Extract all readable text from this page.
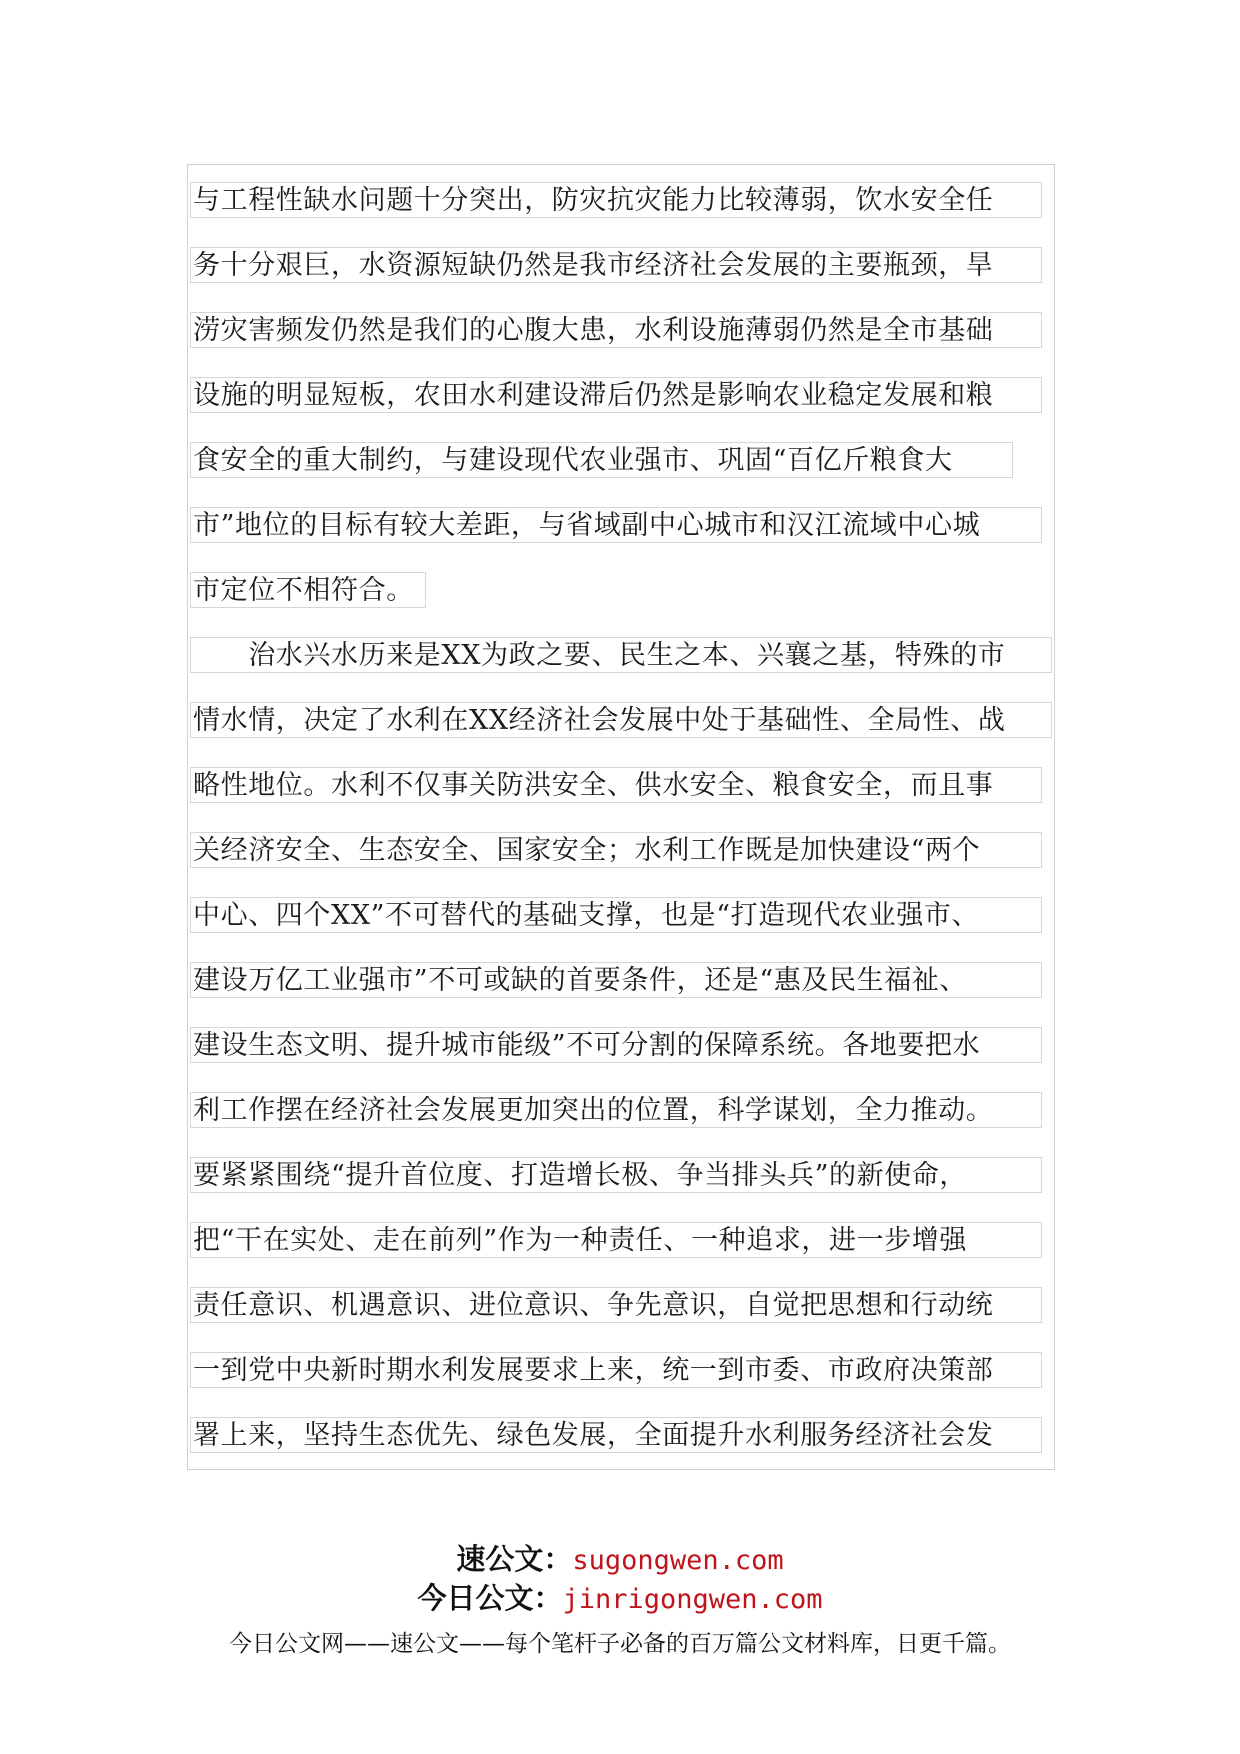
与工程性缺水问题十分突出，防灾抗灾能力比较薄弱，饮水安全任
务十分艰巨，水资源短缺仍然是我市经济社会发展的主要瓶颈，旱
涝灾害频发仍然是我们的心腹大患，水利设施薄弱仍然是全市基础
设施的明显短板，农田水利建设滞后仍然是影响农业稳定发展和粮
食安全的重大制约，与建设现代农业强市、巩固“百亿斤粮食大
市”地位的目标有较大差距，与省域副中心城市和汉江流域中心城
市定位不相符合。
　　治水兴水历来是XX为政之要、民生之本、兴襄之基，特殊的市
情水情，决定了水利在XX经济社会发展中处于基础性、全局性、战
略性地位。水利不仅事关防洪安全、供水安全、粮食安全，而且事
关经济安全、生态安全、国家安全；水利工作既是加快建设“两个
中心、四个XX”不可替代的基础支撑，也是“打造现代农业强市、
建设万亿工业强市”不可或缺的首要条件，还是“惠及民生福祉、
建设生态文明、提升城市能级”不可分割的保障系统。各地要把水
利工作摆在经济社会发展更加突出的位置，科学谋划，全力推动。
要紧紧围绕“提升首位度、打造增长极、争当排头兵”的新使命，
把“干在实处、走在前列”作为一种责任、一种追求，进一步增强
责任意识、机遇意识、进位意识、争先意识，自觉把思想和行动统
一到党中央新时期水利发展要求上来，统一到市委、市政府决策部
署上来，坚持生态优先、绿色发展，全面提升水利服务经济社会发
速公文：sugongwen.com
今日公文：jinrigongwen.com
今日公文网——速公文——每个笔杆子必备的百万篇公文材料库，日更千篇。
